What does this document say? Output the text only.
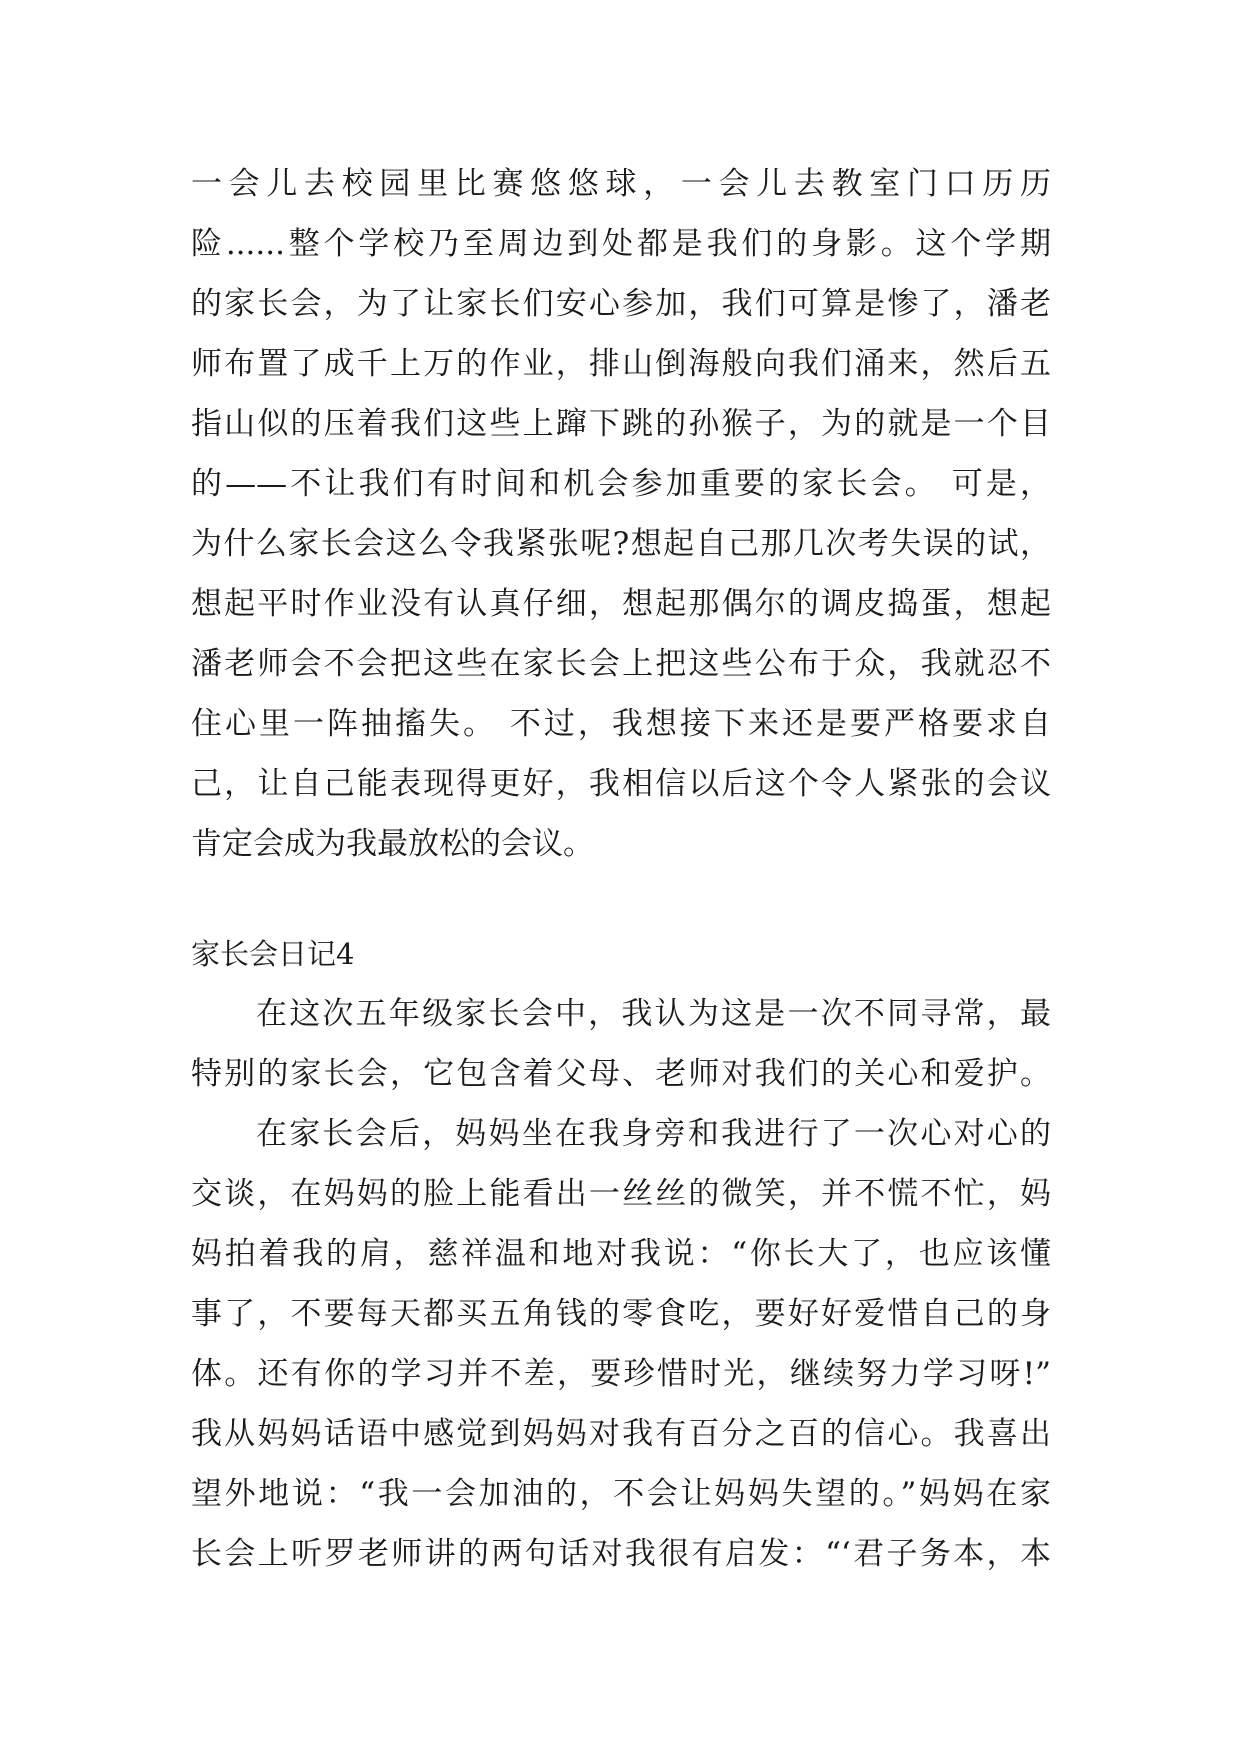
一会儿去校园里比赛悠悠球，一会儿去教室门口历历
险......整个学校乃至周边到处都是我们的身影。这个学期
的家长会，为了让家长们安心参加，我们可算是惨了，潘老
师布置了成千上万的作业，排山倒海般向我们涌来，然后五
指山似的压着我们这些上蹿下跳的孙猴子，为的就是一个目
的——不让我们有时间和机会参加重要的家长会。 可是，
为什么家长会这么令我紧张呢?想起自己那几次考失误的试，
想起平时作业没有认真仔细，想起那偶尔的调皮捣蛋，想起
潘老师会不会把这些在家长会上把这些公布于众，我就忍不
住心里一阵抽搐失。 不过，我想接下来还是要严格要求自
己，让自己能表现得更好，我相信以后这个令人紧张的会议
肯定会成为我最放松的会议。
家长会日记4
在这次五年级家长会中，我认为这是一次不同寻常，最
特别的家长会，它包含着父母、老师对我们的关心和爱护。
在家长会后，妈妈坐在我身旁和我进行了一次心对心的
交谈，在妈妈的脸上能看出一丝丝的微笑，并不慌不忙，妈
妈拍着我的肩，慈祥温和地对我说：“你长大了，也应该懂
事了，不要每天都买五角钱的零食吃，要好好爱惜自己的身
体。还有你的学习并不差，要珍惜时光，继续努力学习呀!”
我从妈妈话语中感觉到妈妈对我有百分之百的信心。我喜出
望外地说：“我一会加油的，不会让妈妈失望的。”妈妈在家
长会上听罗老师讲的两句话对我很有启发：“‘君子务本，本
